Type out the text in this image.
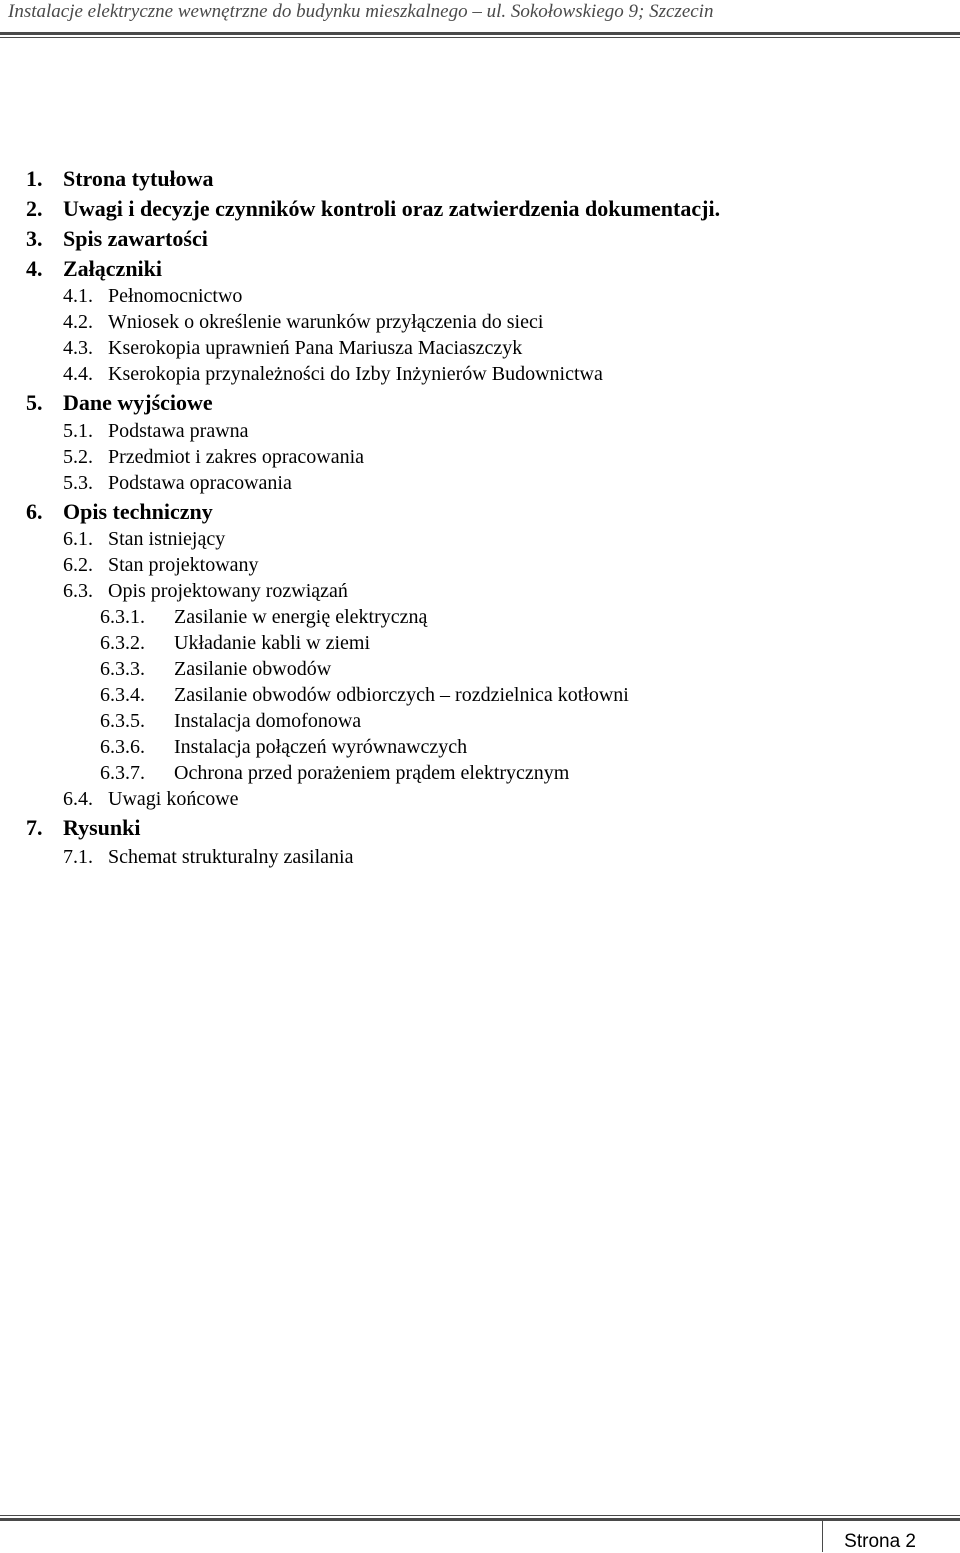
Instalacje elektryczne wewnętrzne do budynku mieszkalnego – ul. Sokołowskiego 9; Szczecin
1. Strona tytułowa
2. Uwagi i decyzje czynników kontroli oraz zatwierdzenia dokumentacji.
3. Spis zawartości
4. Załączniki
4.1. Pełnomocnictwo
4.2. Wniosek o określenie warunków przyłączenia do sieci
4.3. Kserokopia uprawnień Pana Mariusza Maciaszczyk
4.4. Kserokopia przynależności do Izby Inżynierów Budownictwa
5. Dane wyjściowe
5.1. Podstawa prawna
5.2. Przedmiot i zakres opracowania
5.3. Podstawa opracowania
6. Opis techniczny
6.1. Stan istniejący
6.2. Stan projektowany
6.3. Opis projektowany rozwiązań
6.3.1. Zasilanie w energię elektryczną
6.3.2. Układanie kabli w ziemi
6.3.3. Zasilanie obwodów
6.3.4. Zasilanie obwodów odbiorczych – rozdzielnica kotłowni
6.3.5. Instalacja domofonowa
6.3.6. Instalacja połączeń wyrównawczych
6.3.7. Ochrona przed porażeniem prądem elektrycznym
6.4. Uwagi końcowe
7. Rysunki
7.1. Schemat strukturalny zasilania
Strona 2
